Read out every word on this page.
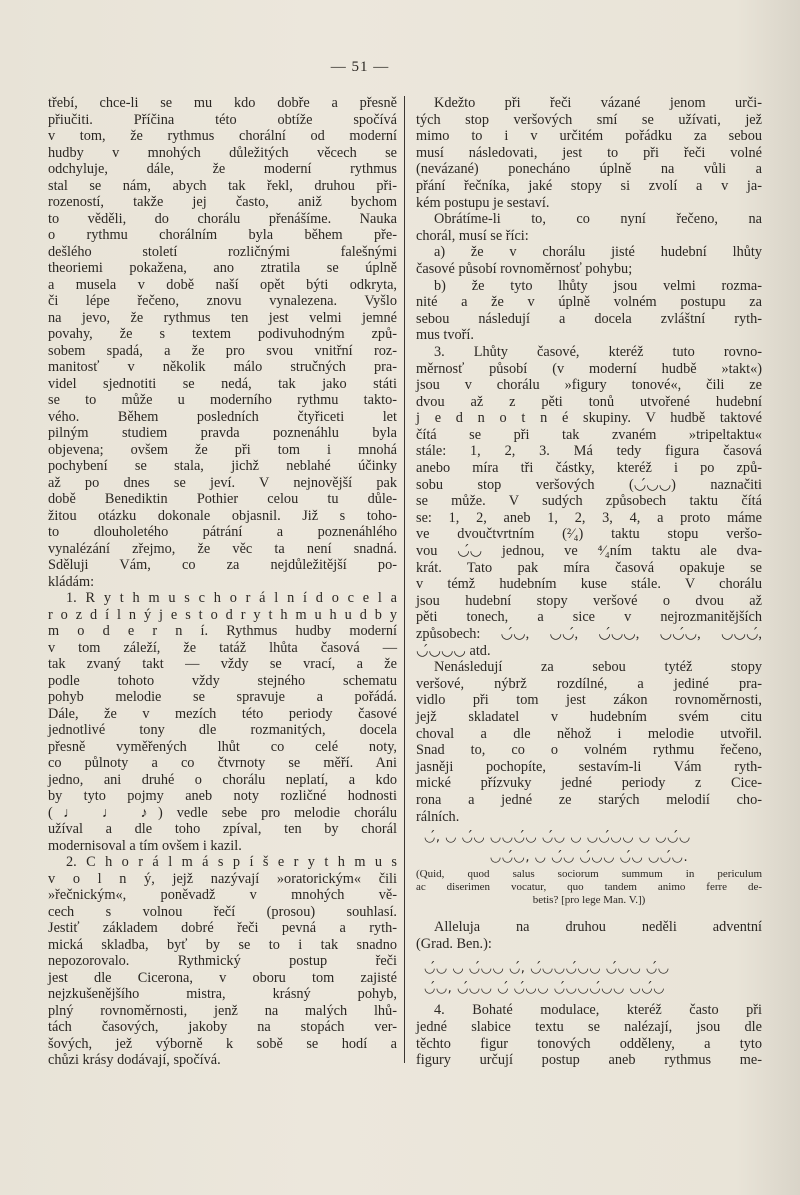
— 51 —
třebí, chce-li se mu kdo dobře a přesně
přiučiti. Příčina této obtíže spočívá
v tom, že rythmus chorální od moderní
hudby v mnohých důležitých věcech se
odchyluje, dále, že moderní rythmus
stal se nám, abych tak řekl, druhou při-
rozeností, takže jej často, aniž bychom
to věděli, do chorálu přenášíme. Nauka
o rythmu chorálním byla během pře-
dešlého století rozličnými falešnými
theoriemi pokažena, ano ztratila se úplně
a musela v době naší opět býti odkryta,
či lépe řečeno, znovu vynalezena. Vyšlo
na jevo, že rythmus ten jest velmi jemné
povahy, že s textem podivuhodným způ-
sobem spadá, a že pro svou vnitřní roz-
manitosť v několik málo stručných pra-
videl sjednotiti se nedá, tak jako státi
se to může u moderního rythmu takto-
vého. Během posledních čtyřiceti let
pilným studiem pravda poznenáhlu byla
objevena; ovšem že při tom i mnohá
pochybení se stala, jichž neblahé účinky
až po dnes se jeví. V nejnovější pak
době Benediktin Pothier celou tu důle-
žitou otázku dokonale objasnil. Již s toho-
to dlouholetého pátrání a poznenáhlého
vynalézání zřejmo, že věc ta není snadná.
Sděluji Vám, co za nejdůležitější po-
kládám:
1. R y t h m u s c h o r á l n í d o c e l a
r o z d í l n ý j e s t o d r y t h m u h u d b y
m o d e r n í. Rythmus hudby moderní
v tom záleží, že tatáž lhůta časová —
tak zvaný takt — vždy se vrací, a že
podle tohoto vždy stejného schematu
pohyb melodie se spravuje a pořádá.
Dále, že v mezích této periody časové
jednotlivé tony dle rozmanitých, docela
přesně vyměřených lhůt co celé noty,
co půlnoty a co čtvrnoty se měří. Ani
jedno, ani druhé o chorálu neplatí, a kdo
by tyto pojmy aneb noty rozličné hodnosti
(♩ ♩ ♪) vedle sebe pro melodie chorálu
užíval a dle toho zpíval, ten by chorál
modernisoval a tím ovšem i kazil.
2. C h o r á l m á s p í š e r y t h m u s
v o l n ý, jejž nazývají »oratorickým« čili
»řečnickým«, poněvadž v mnohých vě-
cech s volnou řečí (prosou) souhlasí.
Jestiť základem dobré řeči pevná a ryth-
mická skladba, byť by se to i tak snadno
nepozorovalo. Rythmický postup řeči
jest dle Cicerona, v oboru tom zajisté
nejzkušenějšího mistra, krásný pohyb,
plný rovnoměrnosti, jenž na malých lhů-
tách časových, jakoby na stopách ver-
šových, jež výborně k sobě se hodí a
chůzi krásy dodávají, spočívá.
Kdežto při řeči vázané jenom urči-
tých stop veršových smí se užívati, jež
mimo to i v určitém pořádku za sebou
musí následovati, jest to při řeči volné
(nevázané) ponecháno úplně na vůli a
přání řečníka, jaké stopy si zvolí a v ja-
kém postupu je sestaví.
Obrátíme-li to, co nyní řečeno, na
chorál, musí se říci:
a) že v chorálu jisté hudební lhůty
časové působí rovnoměrnosť pohybu;
b) že tyto lhůty jsou velmi rozma-
nité a že v úplně volném postupu za
sebou následují a docela zvláštní ryth-
mus tvoří.
3. Lhůty časové, kteréž tuto rovno-
měrnosť působí (v moderní hudbě »takt«)
jsou v chorálu »figury tonové«, čili ze
dvou až z pěti tonů utvořené hudební
j e d n o t n é skupiny. V hudbě taktové
čítá se při tak zvaném »tripeltaktu«
stále: 1, 2, 3. Má tedy figura časová
anebo míra tři částky, kteréž i po způ-
sobu stop veršových (◡́◡◡) naznačiti
se může. V sudých způsobech taktu čítá
se: 1, 2, aneb 1, 2, 3, 4, a proto máme
ve dvoučtvrtním (²⁄₄) taktu stopu veršo-
vou ◡́◡ jednou, ve ⁴⁄₄ním taktu ale dva-
krát. Tato pak míra časová opakuje se
v témž hudebním kuse stále. V chorálu
jsou hudební stopy veršové o dvou až
pěti tonech, a sice v nejrozmanitějších
způsobech: ◡́◡, ◡◡́, ◡́◡◡, ◡◡́◡, ◡◡◡́,
◡́◡◡◡ atd.
Nenásledují za sebou tytéž stopy
veršové, nýbrž rozdílné, a jediné pra-
vidlo při tom jest zákon rovnoměrnosti,
jejž skladatel v hudebním svém citu
choval a dle něhož i melodie utvořil.
Snad to, co o volném rythmu řečeno,
jasněji pochopíte, sestavím-li Vám ryth-
mické přízvuky jedné periody z Cice-
rona a jedné ze starých melodií cho-
rálních.
◡́, ◡ ◡́◡ ◡◡◡́◡ ◡́◡ ◡ ◡◡́◡◡ ◡ ◡◡́◡
◡◡́◡, ◡ ◡́◡ ◡́◡◡ ◡́◡ ◡◡́◡.
(Quid, quod salus sociorum summum in periculum
ac diserimen vocatur, quo tandem animo ferre de-
betis? [pro lege Man. V.])
Alleluja na druhou neděli adventní
(Grad. Ben.):
◡́◡ ◡ ◡́◡◡ ◡́, ◡́◡◡◡́◡◡ ◡́◡◡ ◡́◡
◡́◡, ◡́◡◡ ◡́ ◡́◡◡ ◡́◡◡◡́◡◡ ◡◡́◡
4. Bohaté modulace, kteréž často při
jedné slabice textu se nalézají, jsou dle
těchto figur tonových odděleny, a tyto
figury určují postup aneb rythmus me-
